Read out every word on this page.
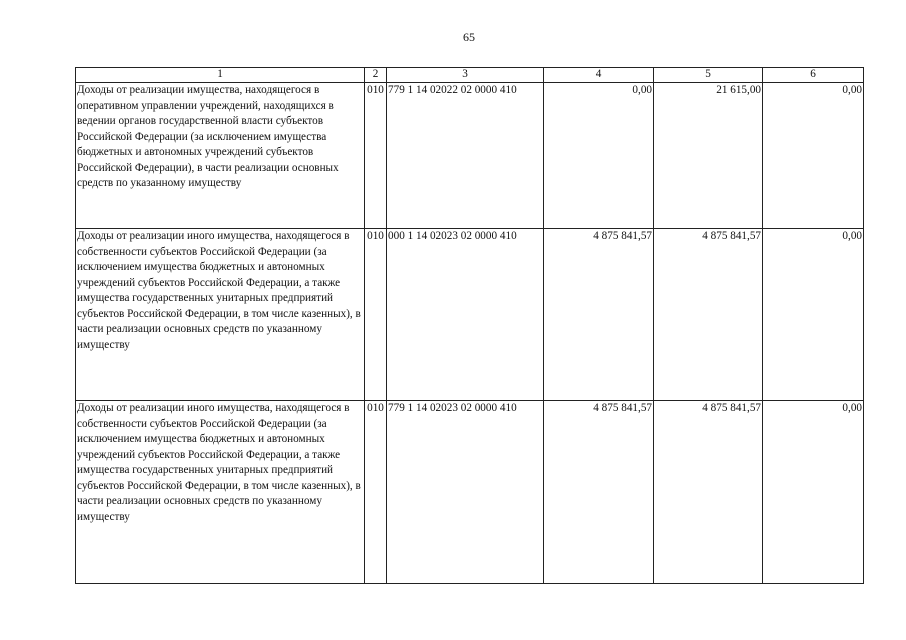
65
1	2	3	4	5	6
Доходы от реализации имущества, находящегося в оперативном управлении учреждений, находящихся в ведении органов государственной власти субъектов Российской Федерации (за исключением имущества бюджетных и автономных учреждений субъектов Российской Федерации), в части реализации основных средств по указанному имуществу	010	779 1 14 02022 02 0000 410	0,00	21 615,00	0,00
Доходы от реализации иного имущества, находящегося в собственности субъектов Российской Федерации (за исключением имущества бюджетных и автономных учреждений субъектов Российской Федерации, а также имущества государственных унитарных предприятий субъектов Российской Федерации, в том числе казенных), в части реализации основных средств по указанному имуществу	010	000 1 14 02023 02 0000 410	4 875 841,57	4 875 841,57	0,00
Доходы от реализации иного имущества, находящегося в собственности субъектов Российской Федерации (за исключением имущества бюджетных и автономных учреждений субъектов Российской Федерации, а также имущества государственных унитарных предприятий субъектов Российской Федерации, в том числе казенных), в части реализации основных средств по указанному имуществу	010	779 1 14 02023 02 0000 410	4 875 841,57	4 875 841,57	0,00
